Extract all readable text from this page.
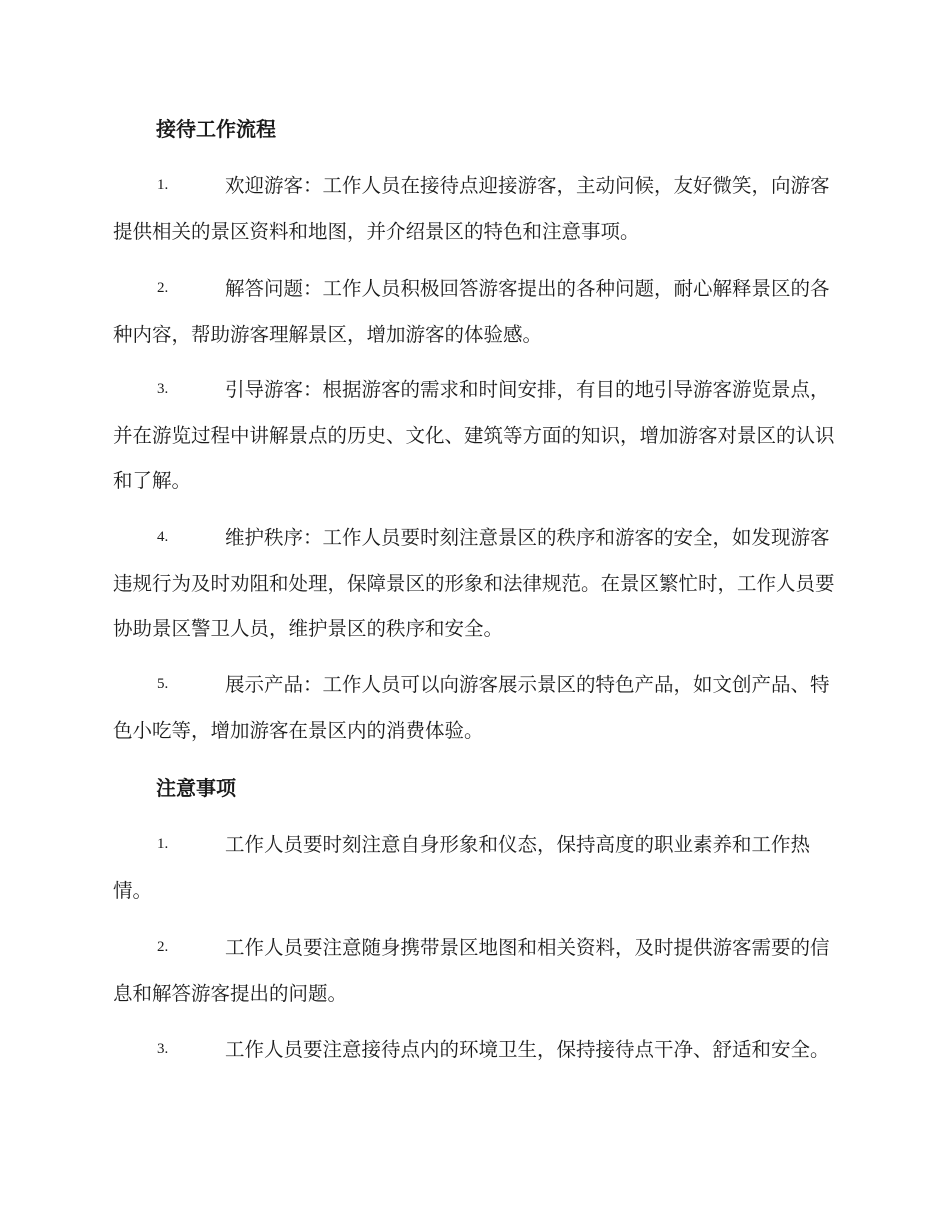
接待工作流程
1.	欢迎游客：工作人员在接待点迎接游客，主动问候，友好微笑，向游客提供相关的景区资料和地图，并介绍景区的特色和注意事项。
2.	解答问题：工作人员积极回答游客提出的各种问题，耐心解释景区的各种内容，帮助游客理解景区，增加游客的体验感。
3.	引导游客：根据游客的需求和时间安排，有目的地引导游客游览景点，并在游览过程中讲解景点的历史、文化、建筑等方面的知识，增加游客对景区的认识和了解。
4.	维护秩序：工作人员要时刻注意景区的秩序和游客的安全，如发现游客违规行为及时劝阻和处理，保障景区的形象和法律规范。在景区繁忙时，工作人员要协助景区警卫人员，维护景区的秩序和安全。
5.	展示产品：工作人员可以向游客展示景区的特色产品，如文创产品、特色小吃等，增加游客在景区内的消费体验。
注意事项
1.	工作人员要时刻注意自身形象和仪态，保持高度的职业素养和工作热情。
2.	工作人员要注意随身携带景区地图和相关资料，及时提供游客需要的信息和解答游客提出的问题。
3.	工作人员要注意接待点内的环境卫生，保持接待点干净、舒适和安全。
